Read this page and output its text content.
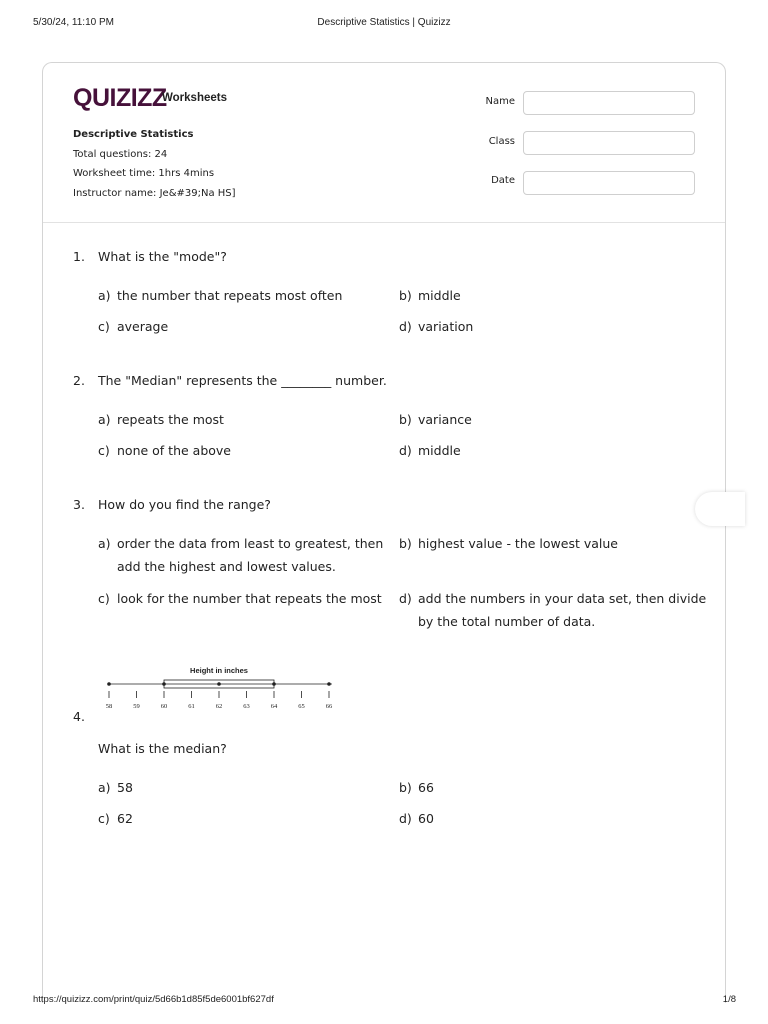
5/30/24, 11:10 PM	Descriptive Statistics | Quizizz
QUIZIZZ
Worksheets
Descriptive Statistics
Total questions: 24
Worksheet time: 1hrs 4mins
Instructor name: Je&#39;Na HS]
Name
Class
Date
1. What is the "mode"?
a) the number that repeats most often	b) middle
c) average	d) variation
2. The "Median" represents the ________ number.
a) repeats the most	b) variance
c) none of the above	d) middle
3. How do you find the range?
a) order the data from least to greatest, then
add the highest and lowest values.
b) highest value - the lowest value
c) look for the number that repeats the most d) add the numbers in your data set, then divide
by the total number of data.
Height in inches
58	59	60	61	62	63	64	65	66
4.
What is the median?
a) 58	b) 66
c) 62	d) 60
https://quizizz.com/print/quiz/5d66b1d85f5de6001bf627df	1/8
